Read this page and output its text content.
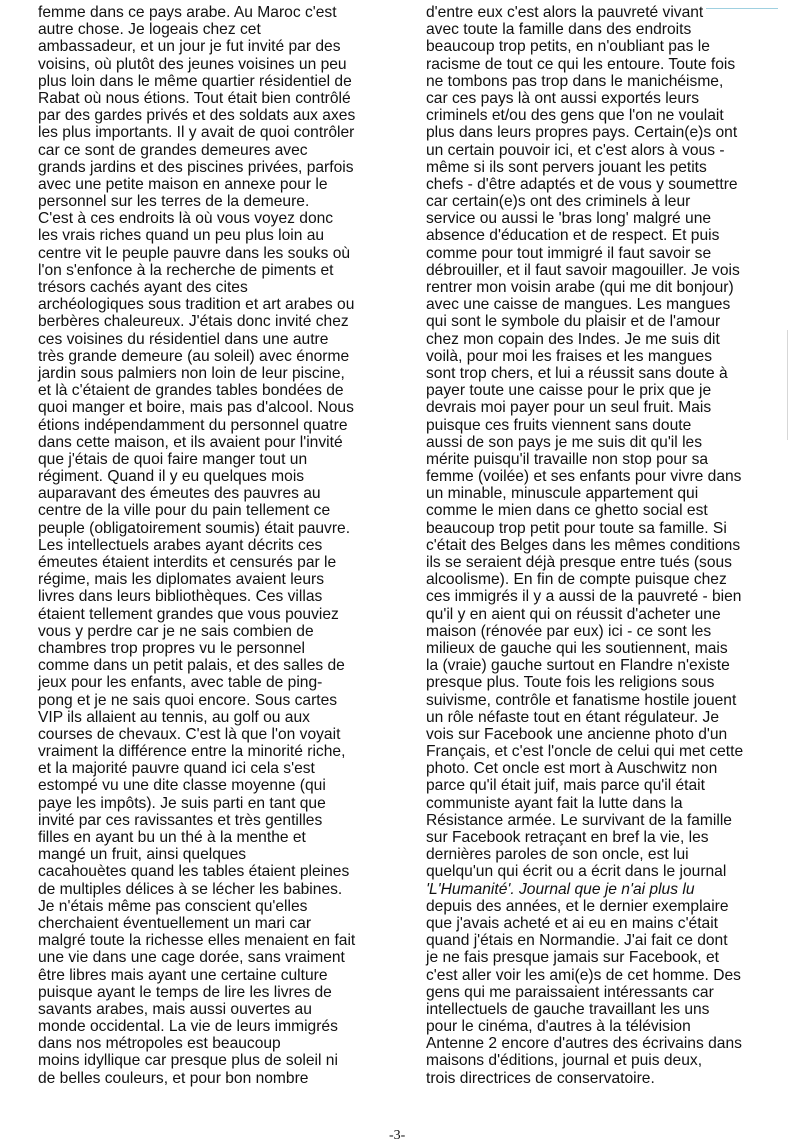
femme dans ce pays arabe. Au Maroc c'est
autre chose. Je logeais chez cet
ambassadeur, et un jour je fut invité par des
voisins, où plutôt des jeunes voisines un peu
plus loin dans le même quartier résidentiel de
Rabat où nous étions. Tout était bien contrôlé
par des gardes privés et des soldats aux axes
les plus importants. Il y avait de quoi contrôler
car ce sont de grandes demeures avec
grands jardins et des piscines privées, parfois
avec une petite maison en annexe pour le
personnel sur les terres de la demeure.
C'est à ces endroits là où vous voyez donc
les vrais riches quand un peu plus loin au
centre vit le peuple pauvre dans les souks où
l'on s'enfonce à la recherche de piments et
trésors cachés ayant des cites
archéologiques sous tradition et art arabes ou
berbères chaleureux. J'étais donc invité chez
ces voisines du résidentiel dans une autre
très grande demeure (au soleil) avec énorme
jardin sous palmiers non loin de leur piscine,
et là c'étaient de grandes tables bondées de
quoi manger et boire, mais pas d'alcool. Nous
étions indépendamment du personnel quatre
dans cette maison, et ils avaient pour l'invité
que j'étais de quoi faire manger tout un
régiment. Quand il y eu quelques mois
auparavant des émeutes des pauvres au
centre de la ville pour du pain tellement ce
peuple (obligatoirement soumis) était pauvre.
Les intellectuels arabes ayant décrits ces
émeutes étaient interdits et censurés par le
régime, mais les diplomates avaient leurs
livres dans leurs bibliothèques. Ces villas
étaient tellement grandes que vous pouviez
vous y perdre car je ne sais combien de
chambres trop propres vu le personnel
comme dans un petit palais, et des salles de
jeux pour les enfants, avec table de ping-
pong et je ne sais quoi encore. Sous cartes
VIP ils allaient au tennis, au golf ou aux
courses de chevaux. C'est là que l'on voyait
vraiment la différence entre la minorité riche,
et la majorité pauvre quand ici cela s'est
estompé vu une dite classe moyenne (qui
paye les impôts). Je suis parti en tant que
invité par ces ravissantes et très gentilles
filles en ayant bu un thé à la menthe et
mangé un fruit, ainsi quelques
cacahouètes quand les tables étaient pleines
de multiples délices à se lécher les babines.
Je n'étais même pas conscient qu'elles
cherchaient éventuellement un mari car
malgré toute la richesse elles menaient en fait
une vie dans une cage dorée, sans vraiment
être libres mais ayant une certaine culture
puisque ayant le temps de lire les livres de
savants arabes, mais aussi ouvertes au
monde occidental. La vie de leurs immigrés
dans nos métropoles est beaucoup
moins idyllique car presque plus de soleil ni
de belles couleurs, et pour bon nombre
d'entre eux c'est alors la pauvreté vivant
avec toute la famille dans des endroits
beaucoup trop petits, en n'oubliant pas le
racisme de tout ce qui les entoure. Toute fois
ne tombons pas trop dans le manichéisme,
car ces pays là ont aussi exportés leurs
criminels et/ou des gens que l'on ne voulait
plus dans leurs propres pays. Certain(e)s ont
un certain pouvoir ici, et c'est alors à vous -
même si ils sont pervers jouant les petits
chefs - d'être adaptés et de vous y soumettre
car certain(e)s ont des criminels à leur
service ou aussi le 'bras long' malgré une
absence d'éducation et de respect. Et puis
comme pour tout immigré il faut savoir se
débrouiller, et il faut savoir magouiller. Je vois
rentrer mon voisin arabe (qui me dit bonjour)
avec une caisse de mangues. Les mangues
qui sont le symbole du plaisir et de l'amour
chez mon copain des Indes. Je me suis dit
voilà, pour moi les fraises et les mangues
sont trop chers, et lui a réussit sans doute à
payer toute une caisse pour le prix que je
devrais moi payer pour un seul fruit. Mais
puisque ces fruits viennent sans doute
aussi de son pays je me suis dit qu'il les
mérite puisqu'il travaille non stop pour sa
femme (voilée) et ses enfants pour vivre dans
un minable, minuscule appartement qui
comme le mien dans ce ghetto social est
beaucoup trop petit pour toute sa famille. Si
c'était des Belges dans les mêmes conditions
ils se seraient déjà presque entre tués (sous
alcoolisme). En fin de compte puisque chez
ces immigrés il y a aussi de la pauvreté - bien
qu'il y en aient qui on réussit d'acheter une
maison (rénovée par eux) ici - ce sont les
milieux de gauche qui les soutiennent, mais
la (vraie) gauche surtout en Flandre n'existe
presque plus. Toute fois les religions sous
suivisme, contrôle et fanatisme hostile jouent
un rôle néfaste tout en étant régulateur. Je
vois sur Facebook une ancienne photo d'un
Français, et c'est l'oncle de celui qui met cette
photo. Cet oncle est mort à Auschwitz non
parce qu'il était juif, mais parce qu'il était
communiste ayant fait la lutte dans la
Résistance armée. Le survivant de la famille
sur Facebook retraçant en bref la vie, les
dernières paroles de son oncle, est lui
quelqu'un qui écrit ou a écrit dans le journal
'L'Humanité'. Journal que je n'ai plus lu
depuis des années, et le dernier exemplaire
que j'avais acheté et ai eu en mains c'était
quand j'étais en Normandie. J'ai fait ce dont
je ne fais presque jamais sur Facebook, et
c'est aller voir les ami(e)s de cet homme. Des
gens qui me paraissaient intéressants car
intellectuels de gauche travaillant les uns
pour le cinéma, d'autres à la télévision
Antenne 2 encore d'autres des écrivains dans
maisons d'éditions, journal et puis deux,
trois directrices de conservatoire.
-3-
